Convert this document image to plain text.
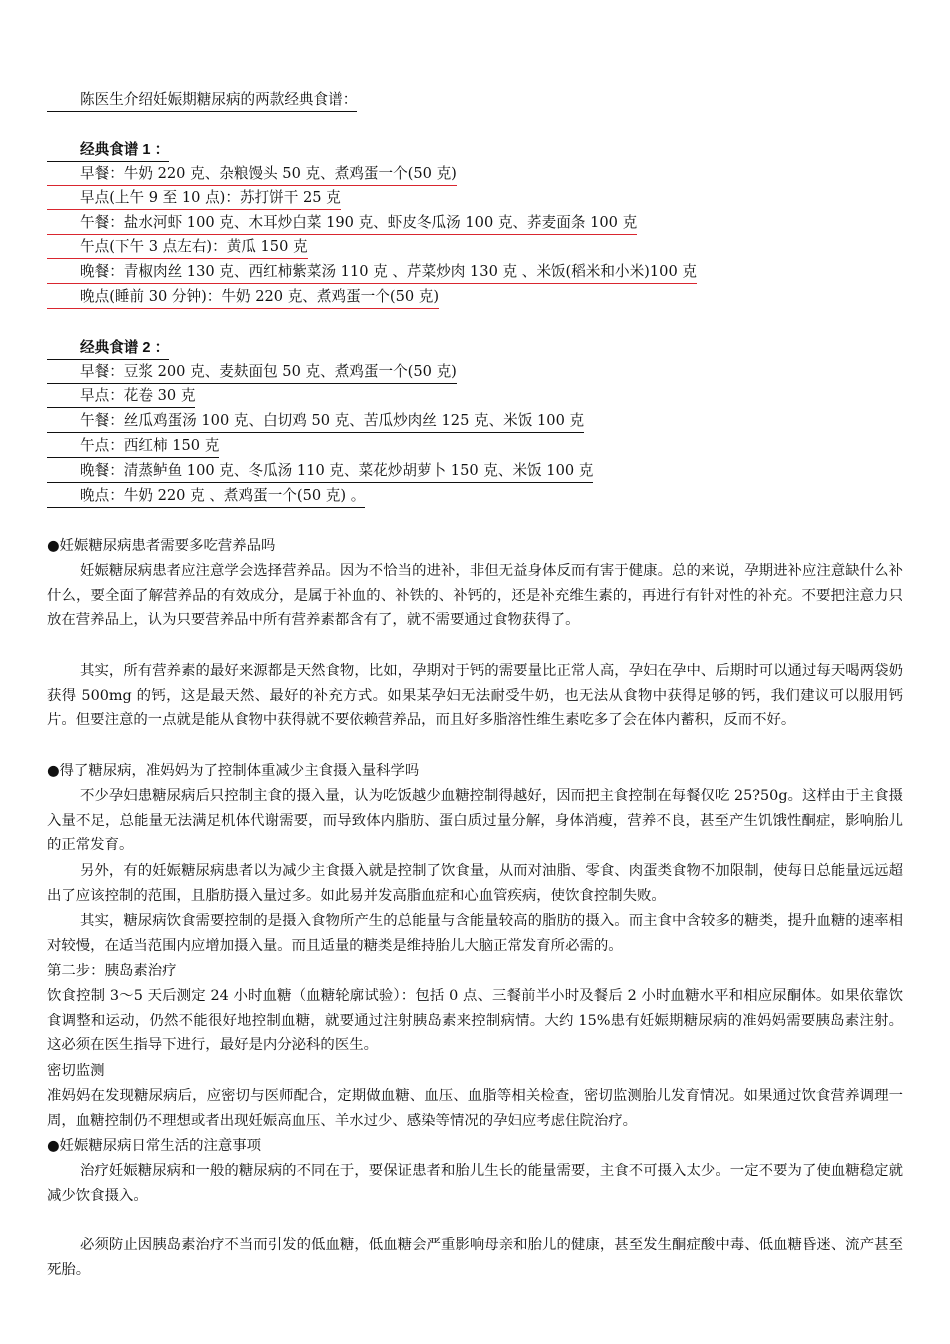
陈医生介绍妊娠期糖尿病的两款经典食谱：
经典食谱 1 ：
早餐：牛奶 220 克、杂粮馒头 50 克、煮鸡蛋一个(50 克)
早点(上午 9 至 10 点)：苏打饼干 25 克
午餐：盐水河虾 100 克、木耳炒白菜 190 克、虾皮冬瓜汤 100 克、荞麦面条 100 克
午点(下午 3 点左右)：黄瓜 150 克
晚餐：青椒肉丝 130 克、西红柿紫菜汤 110 克 、芹菜炒肉 130 克 、米饭(稻米和小米)100 克
晚点(睡前 30 分钟)：牛奶 220 克、煮鸡蛋一个(50 克)
经典食谱 2 ：
早餐：豆浆 200 克、麦麸面包 50 克、煮鸡蛋一个(50 克)
早点：花卷 30 克
午餐：丝瓜鸡蛋汤 100 克、白切鸡 50 克、苦瓜炒肉丝 125 克、米饭 100 克
午点：西红柿 150 克
晚餐：清蒸鲈鱼 100 克、冬瓜汤 110 克、菜花炒胡萝卜 150 克、米饭 100 克
晚点：牛奶 220 克 、煮鸡蛋一个(50 克) 。
●妊娠糖尿病患者需要多吃营养品吗
妊娠糖尿病患者应注意学会选择营养品。因为不恰当的进补，非但无益身体反而有害于健康。总的来说，孕期进补应注意缺什么补什么，要全面了解营养品的有效成分，是属于补血的、补铁的、补钙的，还是补充维生素的，再进行有针对性的补充。不要把注意力只放在营养品上，认为只要营养品中所有营养素都含有了，就不需要通过食物获得了。
其实，所有营养素的最好来源都是天然食物，比如，孕期对于钙的需要量比正常人高，孕妇在孕中、后期时可以通过每天喝两袋奶获得 500mg 的钙，这是最天然、最好的补充方式。如果某孕妇无法耐受牛奶，也无法从食物中获得足够的钙，我们建议可以服用钙片。但要注意的一点就是能从食物中获得就不要依赖营养品，而且好多脂溶性维生素吃多了会在体内蓄积，反而不好。
●得了糖尿病，准妈妈为了控制体重减少主食摄入量科学吗
不少孕妇患糖尿病后只控制主食的摄入量，认为吃饭越少血糖控制得越好，因而把主食控制在每餐仅吃 25?50g。这样由于主食摄入量不足，总能量无法满足机体代谢需要，而导致体内脂肪、蛋白质过量分解，身体消瘦，营养不良，甚至产生饥饿性酮症，影响胎儿的正常发育。
另外，有的妊娠糖尿病患者以为减少主食摄入就是控制了饮食量，从而对油脂、零食、肉蛋类食物不加限制，使每日总能量远远超出了应该控制的范围，且脂肪摄入量过多。如此易并发高脂血症和心血管疾病，使饮食控制失败。
其实，糖尿病饮食需要控制的是摄入食物所产生的总能量与含能量较高的脂肪的摄入。而主食中含较多的糖类，提升血糖的速率相对较慢，在适当范围内应增加摄入量。而且适量的糖类是维持胎儿大脑正常发育所必需的。
第二步：胰岛素治疗
饮食控制 3～5 天后测定 24 小时血糖（血糖轮廓试验）：包括 0 点、三餐前半小时及餐后 2 小时血糖水平和相应尿酮体。如果依靠饮食调整和运动，仍然不能很好地控制血糖，就要通过注射胰岛素来控制病情。大约 15%患有妊娠期糖尿病的准妈妈需要胰岛素注射。这必须在医生指导下进行，最好是内分泌科的医生。
密切监测
准妈妈在发现糖尿病后，应密切与医师配合，定期做血糖、血压、血脂等相关检查，密切监测胎儿发育情况。如果通过饮食营养调理一周，血糖控制仍不理想或者出现妊娠高血压、羊水过少、感染等情况的孕妇应考虑住院治疗。
●妊娠糖尿病日常生活的注意事项
治疗妊娠糖尿病和一般的糖尿病的不同在于，要保证患者和胎儿生长的能量需要，主食不可摄入太少。一定不要为了使血糖稳定就减少饮食摄入。
必须防止因胰岛素治疗不当而引发的低血糖，低血糖会严重影响母亲和胎儿的健康，甚至发生酮症酸中毒、低血糖昏迷、流产甚至死胎。
